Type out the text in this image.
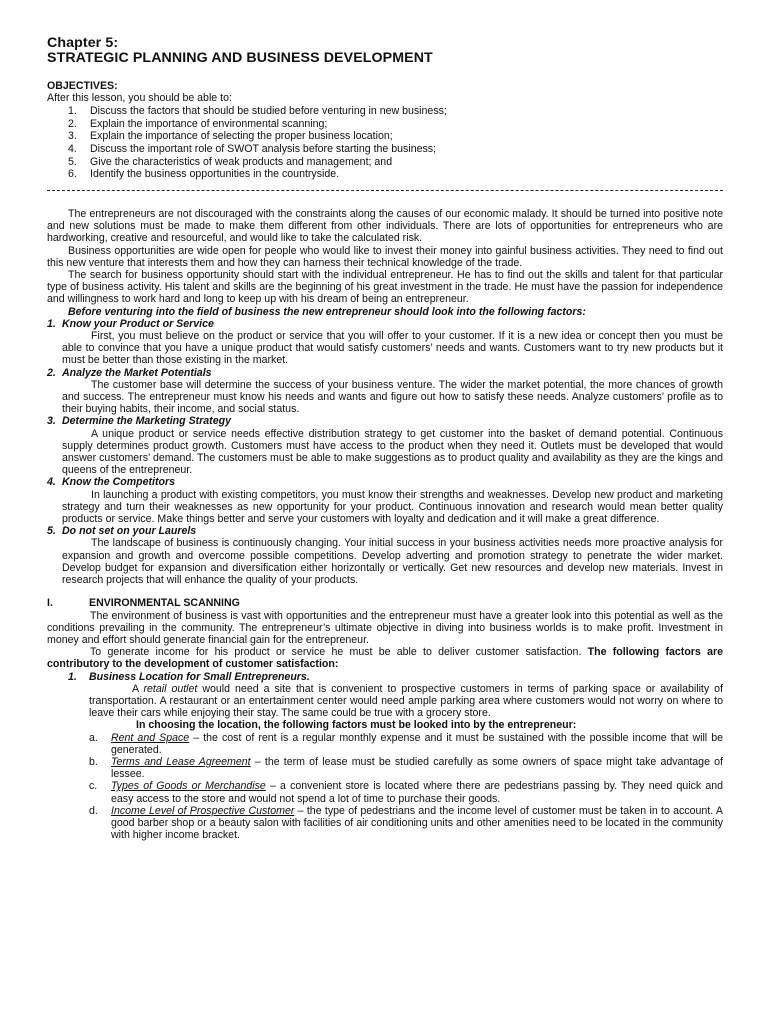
Chapter 5:
STRATEGIC PLANNING AND BUSINESS DEVELOPMENT
OBJECTIVES:
After this lesson, you should be able to:
1.	Discuss the factors that should be studied before venturing in new business;
2.	Explain the importance of environmental scanning;
3.	Explain the importance of selecting the proper business location;
4.	Discuss the important role of SWOT analysis before starting the business;
5.	Give the characteristics of weak products and management; and
6.	Identify the business opportunities in the countryside.

The entrepreneurs are not discouraged with the constraints along the causes of our economic malady. It should be turned into positive note and new solutions must be made to make them different from other individuals. There are lots of opportunities for entrepreneurs who are hardworking, creative and resourceful, and would like to take the calculated risk.

Business opportunities are wide open for people who would like to invest their money into gainful business activities. They need to find out this new venture that interests them and how they can harness their technical knowledge of the trade.

The search for business opportunity should start with the individual entrepreneur. He has to find out the skills and talent for that particular type of business activity. His talent and skills are the beginning of his great investment in the trade. He must have the passion for independence and willingness to work hard and long to keep up with his dream of being an entrepreneur.

Before venturing into the field of business the new entrepreneur should look into the following factors:

1. Know your Product or Service

First, you must believe on the product or service that you will offer to your customer. If it is a new idea or concept then you must be able to convince that you have a unique product that would satisfy customers’ needs and wants. Customers want to try new products but it must be better than those existing in the market.

2. Analyze the Market Potentials

The customer base will determine the success of your business venture. The wider the market potential, the more chances of growth and success. The entrepreneur must know his needs and wants and figure out how to satisfy these needs. Analyze customers’ profile as to their buying habits, their income, and social status.

3. Determine the Marketing Strategy

A unique product or service needs effective distribution strategy to get customer into the basket of demand potential. Continuous supply determines product growth. Customers must have access to the product when they need it. Outlets must be developed that would answer customers’ demand. The customers must be able to make suggestions as to product quality and availability as they are the kings and queens of the entrepreneur.

4. Know the Competitors

In launching a product with existing competitors, you must know their strengths and weaknesses. Develop new product and marketing strategy and turn their weaknesses as new opportunity for your product. Continuous innovation and research would mean better quality products or service. Make things better and serve your customers with loyalty and dedication and it will make a great difference.

5. Do not set on your Laurels

The landscape of business is continuously changing. Your initial success in your business activities needs more proactive analysis for expansion and growth and overcome possible competitions. Develop adverting and promotion strategy to penetrate the wider market. Develop budget for expansion and diversification either horizontally or vertically. Get new resources and develop new materials. Invest in research projects that will enhance the quality of your products.

I.	ENVIRONMENTAL SCANNING

The environment of business is vast with opportunities and the entrepreneur must have a greater look into this potential as well as the conditions prevailing in the community. The entrepreneur’s ultimate objective in diving into business worlds is to make profit. Investment in money and effort should generate financial gain for the entrepreneur.

To generate income for his product or service he must be able to deliver customer satisfaction. The following factors are contributory to the development of customer satisfaction:

1.	Business Location for Small Entrepreneurs.

A retail outlet would need a site that is convenient to prospective customers in terms of parking space or availability of transportation. A restaurant or an entertainment center would need ample parking area where customers would not worry on where to leave their cars while enjoying their stay. The same could be true with a grocery store.

In choosing the location, the following factors must be looked into by the entrepreneur:

a.	Rent and Space – the cost of rent is a regular monthly expense and it must be sustained with the possible income that will be generated.
b.	Terms and Lease Agreement – the term of lease must be studied carefully as some owners of space might take advantage of lessee.
c.	Types of Goods or Merchandise – a convenient store is located where there are pedestrians passing by. They need quick and easy access to the store and would not spend a lot of time to purchase their goods.
d.	Income Level of Prospective Customer – the type of pedestrians and the income level of customer must be taken in to account. A good barber shop or a beauty salon with facilities of air conditioning units and other amenities need to be located in the community with higher income bracket.
